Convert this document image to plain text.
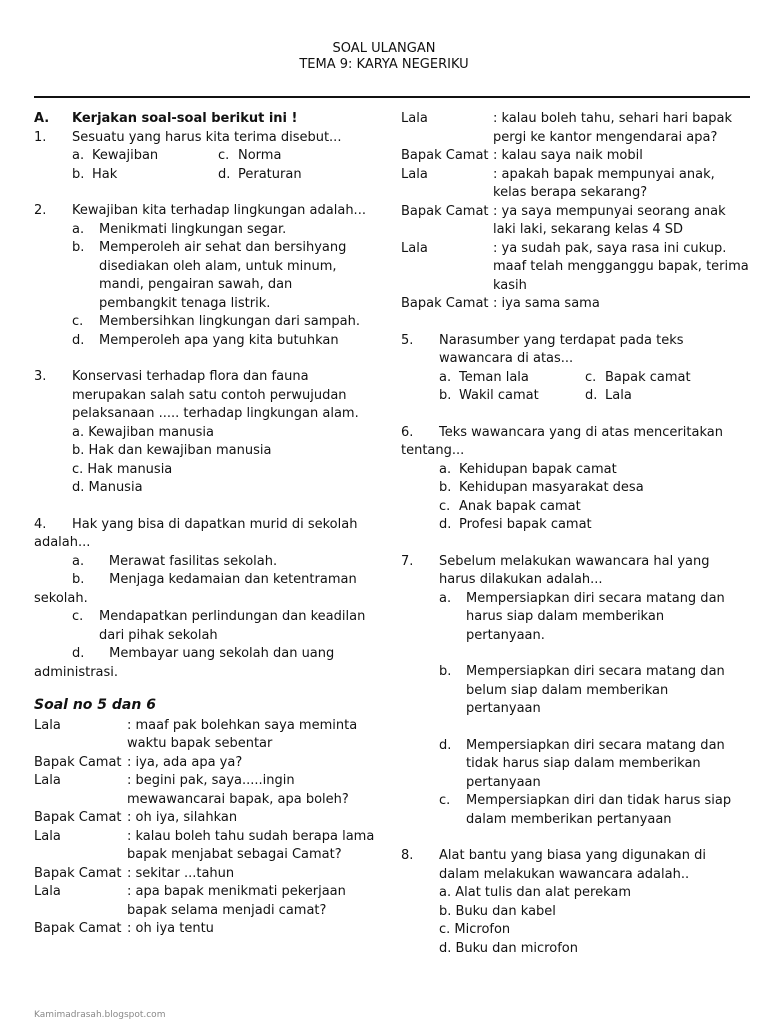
SOAL ULANGAN
TEMA 9: KARYA NEGERIKU
A.	Kerjakan soal-soal berikut ini !
1.	Sesuatu yang harus kita terima disebut...
a. Kewajiban	c. Norma
b. Hak	d. Peraturan
2.	Kewajiban kita terhadap lingkungan adalah...
a.	Menikmati lingkungan segar.
b.	Memperoleh air sehat dan bersihyang disediakan oleh alam, untuk minum, mandi, pengairan sawah, dan pembangkit tenaga listrik.
c.	Membersihkan lingkungan dari sampah.
d.	Memperoleh apa yang kita butuhkan
3.	Konservasi terhadap flora dan fauna merupakan salah satu contoh perwujudan pelaksanaan ..... terhadap lingkungan alam.
a. Kewajiban manusia
b. Hak dan kewajiban manusia
c. Hak manusia
d. Manusia
4.	Hak yang bisa di dapatkan murid di sekolah
adalah...
a.      Merawat fasilitas sekolah.
b.      Menjaga kedamaian dan ketentraman
sekolah.
c.	Mendapatkan perlindungan dan keadilan dari pihak sekolah
d.      Membayar uang sekolah dan uang
administrasi.
Soal no 5 dan 6
Lala	: maaf pak bolehkan saya meminta waktu bapak sebentar
Bapak Camat : iya, ada apa ya?
Lala	: begini pak, saya.....ingin mewawancarai bapak, apa boleh?
Bapak Camat : oh iya, silahkan
Lala	: kalau boleh tahu sudah berapa lama bapak menjabat sebagai Camat?
Bapak Camat : sekitar ...tahun
Lala	: apa bapak menikmati pekerjaan bapak selama menjadi camat?
Bapak Camat : oh iya tentu
Lala	: kalau boleh tahu, sehari hari bapak pergi ke kantor mengendarai apa?
Bapak Camat : kalau saya naik mobil
Lala	: apakah bapak mempunyai anak, kelas berapa sekarang?
Bapak Camat : ya saya mempunyai seorang anak laki laki, sekarang kelas 4 SD
Lala	: ya sudah pak, saya rasa ini cukup. maaf telah mengganggu bapak, terima kasih
Bapak Camat : iya sama sama
5.	Narasumber yang terdapat pada teks wawancara di atas...
a. Teman lala	c. Bapak camat
b. Wakil camat	d. Lala
6.	Teks wawancara yang di atas menceritakan
tentang...
a. Kehidupan bapak camat
b. Kehidupan masyarakat desa
c. Anak bapak camat
d. Profesi bapak camat
7.	Sebelum melakukan wawancara hal yang harus dilakukan adalah...
a.	Mempersiapkan diri secara matang dan harus siap dalam memberikan pertanyaan.
b.	Mempersiapkan diri secara matang dan belum siap dalam memberikan pertanyaan
d.	Mempersiapkan diri secara matang dan tidak harus siap dalam memberikan pertanyaan
c.	Mempersiapkan diri dan tidak harus siap dalam memberikan pertanyaan
8.	Alat bantu yang biasa yang digunakan di dalam melakukan wawancara adalah..
a. Alat tulis dan alat perekam
b. Buku dan kabel
c. Microfon
d. Buku dan microfon
Kamimadrasah.blogspot.com
